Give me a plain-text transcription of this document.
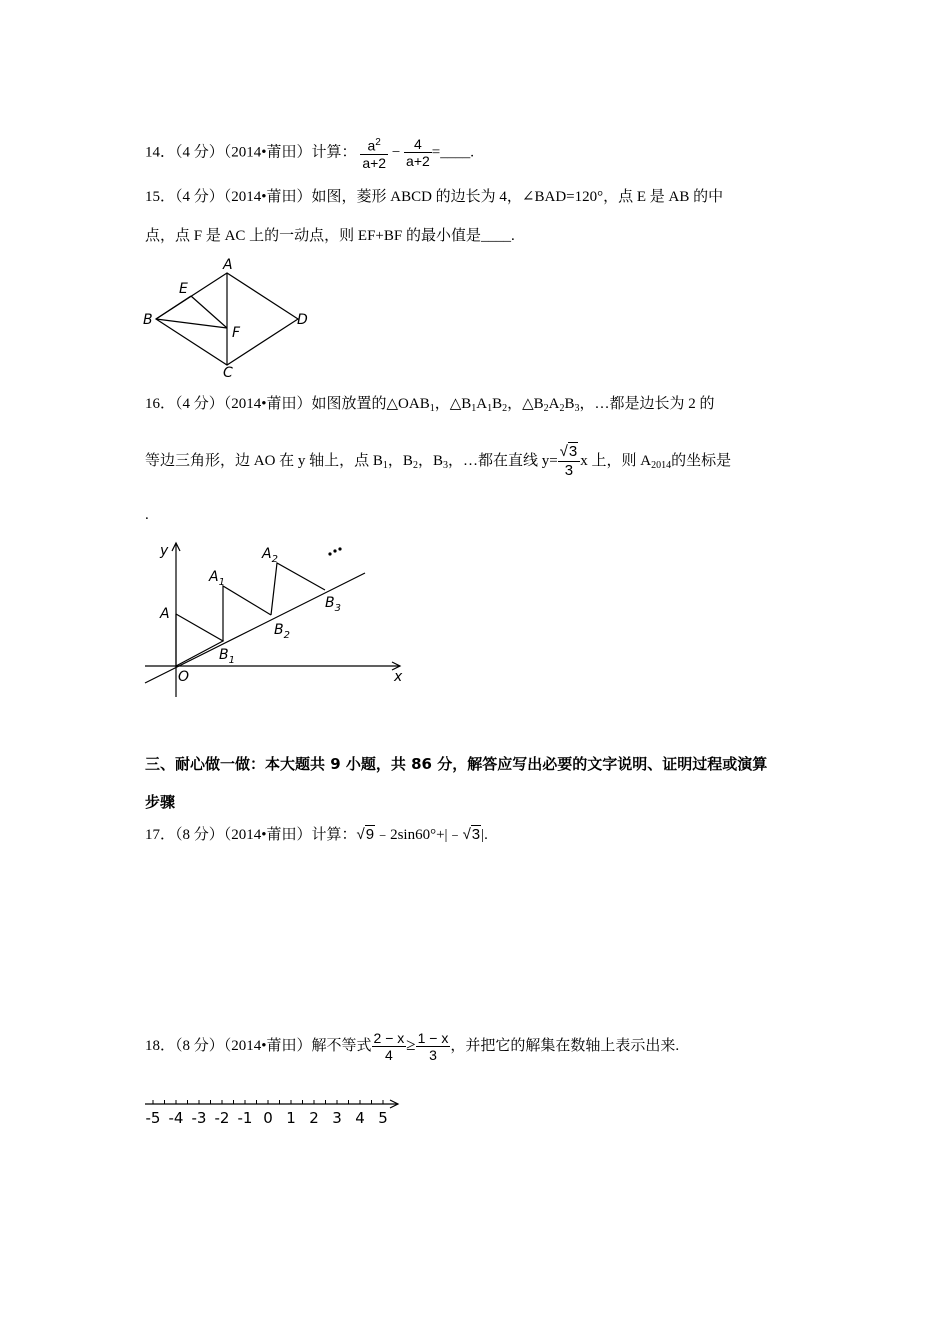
14．（4 分）（2014•莆田）计算： $\frac{a^2}{a+2} - \frac{4}{a+2}$ =____.
15．（4 分）（2014•莆田）如图，菱形 ABCD 的边长为 4，∠BAD=120°，点 E 是 AB 的中
点，点 F 是 AC 上的一动点，则 EF+BF 的最小值是____.
A
B
C
D
E
F
16．（4 分）（2014•莆田）如图放置的$\triangle OAB_1$，$\triangle B_1A_1B_2$，$\triangle B_2A_2B_3$，…都是边长为 2 的
等边三角形，边 AO 在 y 轴上，点 $B_1$，$B_2$，$B_3$，…都在直线 $y= \frac{√3}{3}$ x 上，则 $A_{2014}$的坐标是
.
y
x
O
A
$A_1$
$A_2$
$B_1$
$B_2$
$B_3$
三、耐心做一做：本大题共 9 小题，共 86 分，解答应写出必要的文字说明、证明过程或演算
步骤
17．（8 分）（2014•莆田）计算：√9﹣2sin60°+|﹣√3|.
18．（8 分）（2014•莆田）解不等式 $\frac{2 - x}{4} \ge \frac{1 - x}{3}$ ，并把它的解集在数轴上表示出来.
-5 -4 -3 -2 -1 0 1 2 3 4 5
